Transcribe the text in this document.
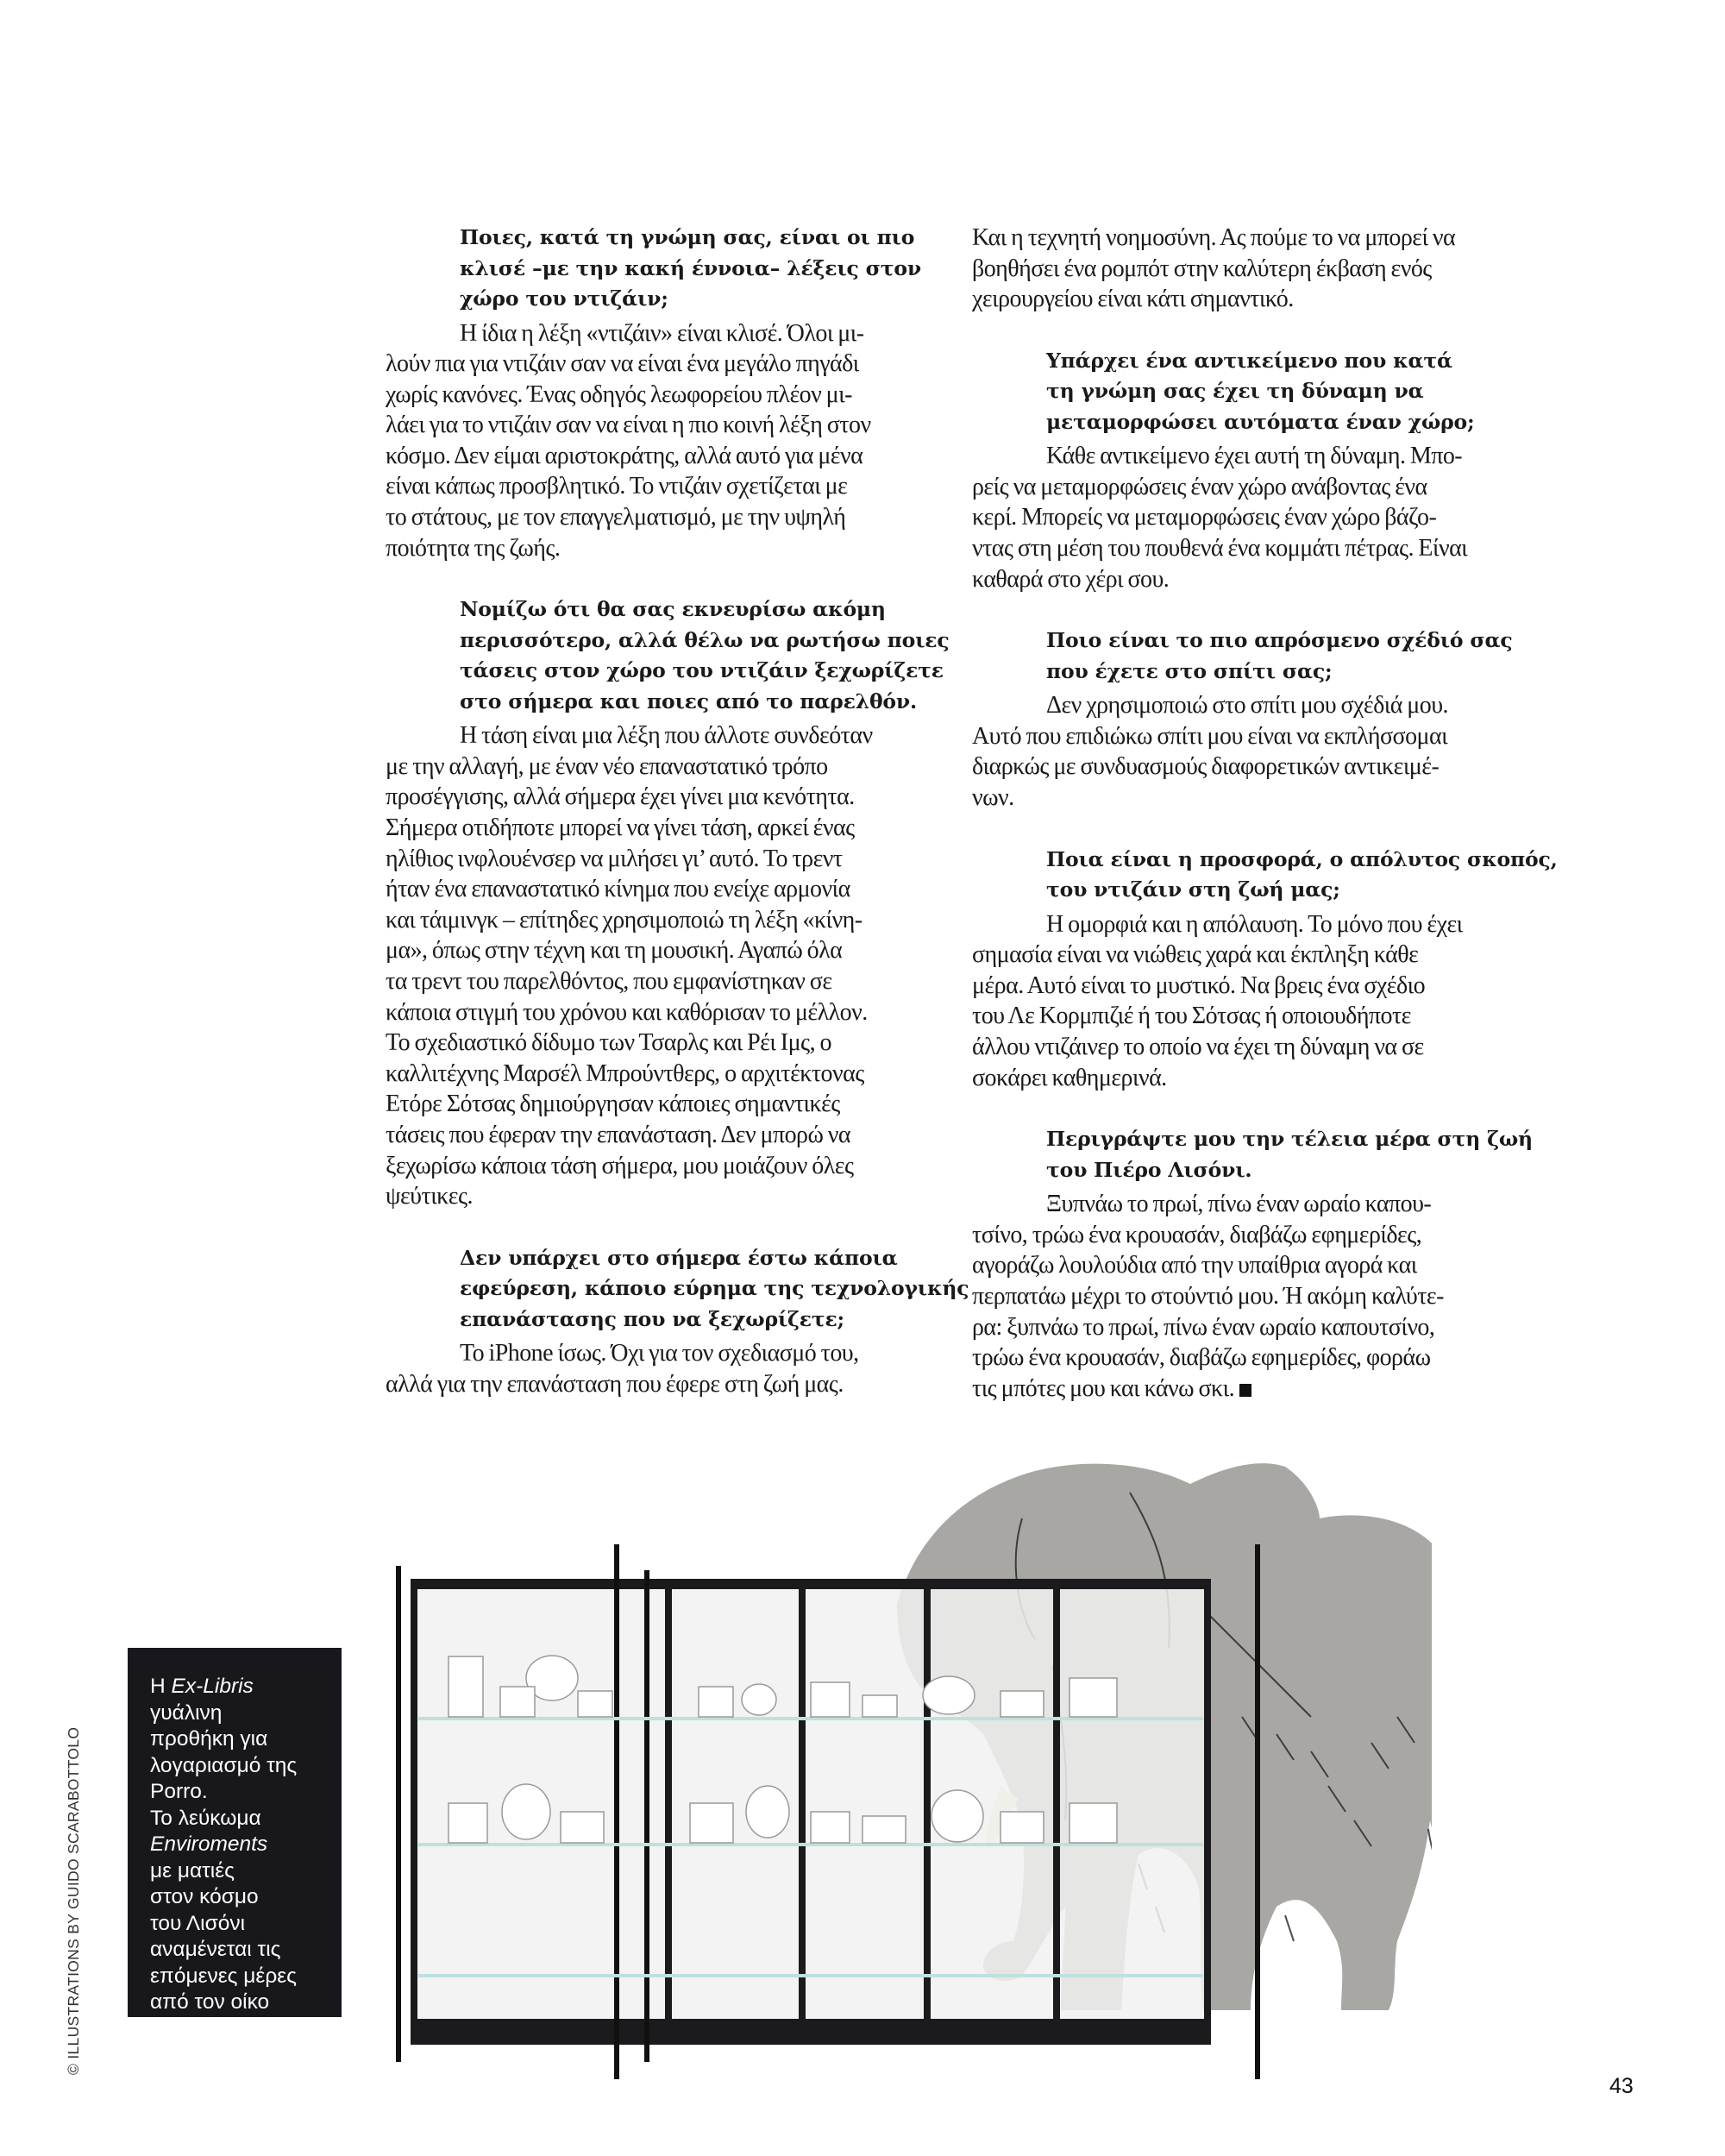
Ποιες, κατά τη γνώμη σας, είναι οι πιο
κλισέ –με την κακή έννοια– λέξεις στον
χώρο του ντιζάιν;
Η ίδια η λέξη «ντιζάιν» είναι κλισέ. Όλοι μι-
λούν πια για ντιζάιν σαν να είναι ένα μεγάλο πηγάδι
χωρίς κανόνες. Ένας οδηγός λεωφορείου πλέον μι-
λάει για το ντιζάιν σαν να είναι η πιο κοινή λέξη στον
κόσμο. Δεν είμαι αριστοκράτης, αλλά αυτό για μένα
είναι κάπως προσβλητικό. Το ντιζάιν σχετίζεται με
το στάτους, με τον επαγγελματισμό, με την υψηλή
ποιότητα της ζωής.
Νομίζω ότι θα σας εκνευρίσω ακόμη
περισσότερο, αλλά θέλω να ρωτήσω ποιες
τάσεις στον χώρο του ντιζάιν ξεχωρίζετε
στο σήμερα και ποιες από το παρελθόν.
Η τάση είναι μια λέξη που άλλοτε συνδεόταν
με την αλλαγή, με έναν νέο επαναστατικό τρόπο
προσέγγισης, αλλά σήμερα έχει γίνει μια κενότητα.
Σήμερα οτιδήποτε μπορεί να γίνει τάση, αρκεί ένας
ηλίθιος ινφλουένσερ να μιλήσει γι’ αυτό. Το τρεντ
ήταν ένα επαναστατικό κίνημα που ενείχε αρμονία
και τάιμινγκ – επίτηδες χρησιμοποιώ τη λέξη «κίνη-
μα», όπως στην τέχνη και τη μουσική. Αγαπώ όλα
τα τρεντ του παρελθόντος, που εμφανίστηκαν σε
κάποια στιγμή του χρόνου και καθόρισαν το μέλλον.
Το σχεδιαστικό δίδυμο των Τσαρλς και Ρέι Ιμς, ο
καλλιτέχνης Μαρσέλ Μπρούντθερς, ο αρχιτέκτονας
Ετόρε Σότσας δημιούργησαν κάποιες σημαντικές
τάσεις που έφεραν την επανάσταση. Δεν μπορώ να
ξεχωρίσω κάποια τάση σήμερα, μου μοιάζουν όλες
ψεύτικες.
Δεν υπάρχει στο σήμερα έστω κάποια
εφεύρεση, κάποιο εύρημα της τεχνολογικής
επανάστασης που να ξεχωρίζετε;
Το iPhone ίσως. Όχι για τον σχεδιασμό του,
αλλά για την επανάσταση που έφερε στη ζωή μας.
Και η τεχνητή νοημοσύνη. Ας πούμε το να μπορεί να
βοηθήσει ένα ρομπότ στην καλύτερη έκβαση ενός
χειρουργείου είναι κάτι σημαντικό.
Υπάρχει ένα αντικείμενο που κατά
τη γνώμη σας έχει τη δύναμη να
μεταμορφώσει αυτόματα έναν χώρο;
Κάθε αντικείμενο έχει αυτή τη δύναμη. Μπο-
ρείς να μεταμορφώσεις έναν χώρο ανάβοντας ένα
κερί. Μπορείς να μεταμορφώσεις έναν χώρο βάζο-
ντας στη μέση του πουθενά ένα κομμάτι πέτρας. Είναι
καθαρά στο χέρι σου.
Ποιο είναι το πιο απρόσμενο σχέδιό σας
που έχετε στο σπίτι σας;
Δεν χρησιμοποιώ στο σπίτι μου σχέδιά μου.
Αυτό που επιδιώκω σπίτι μου είναι να εκπλήσσομαι
διαρκώς με συνδυασμούς διαφορετικών αντικειμέ-
νων.
Ποια είναι η προσφορά, ο απόλυτος σκοπός,
του ντιζάιν στη ζωή μας;
Η ομορφιά και η απόλαυση. Το μόνο που έχει
σημασία είναι να νιώθεις χαρά και έκπληξη κάθε
μέρα. Αυτό είναι το μυστικό. Να βρεις ένα σχέδιο
του Λε Κορμπιζιέ ή του Σότσας ή οποιουδήποτε
άλλου ντιζάινερ το οποίο να έχει τη δύναμη να σε
σοκάρει καθημερινά.
Περιγράψτε μου την τέλεια μέρα στη ζωή
του Πιέρο Λισόνι.
Ξυπνάω το πρωί, πίνω έναν ωραίο καπου-
τσίνο, τρώω ένα κρουασάν, διαβάζω εφημερίδες,
αγοράζω λουλούδια από την υπαίθρια αγορά και
περπατάω μέχρι το στούντιό μου. Ή ακόμη καλύτε-
ρα: ξυπνάω το πρωί, πίνω έναν ωραίο καπουτσίνο,
τρώω ένα κρουασάν, διαβάζω εφημερίδες, φοράω
τις μπότες μου και κάνω σκι.
Η Ex-Libris
γυάλινη
προθήκη για
λογαριασμό της
Porro.
Το λεύκωμα
Enviroments
με ματιές
στον κόσμο
του Λισόνι
αναμένεται τις
επόμενες μέρες
από τον οίκο
Rizzoli.
© ILLUSTRATIONS BY GUIDO SCARABOTTOLO
43
